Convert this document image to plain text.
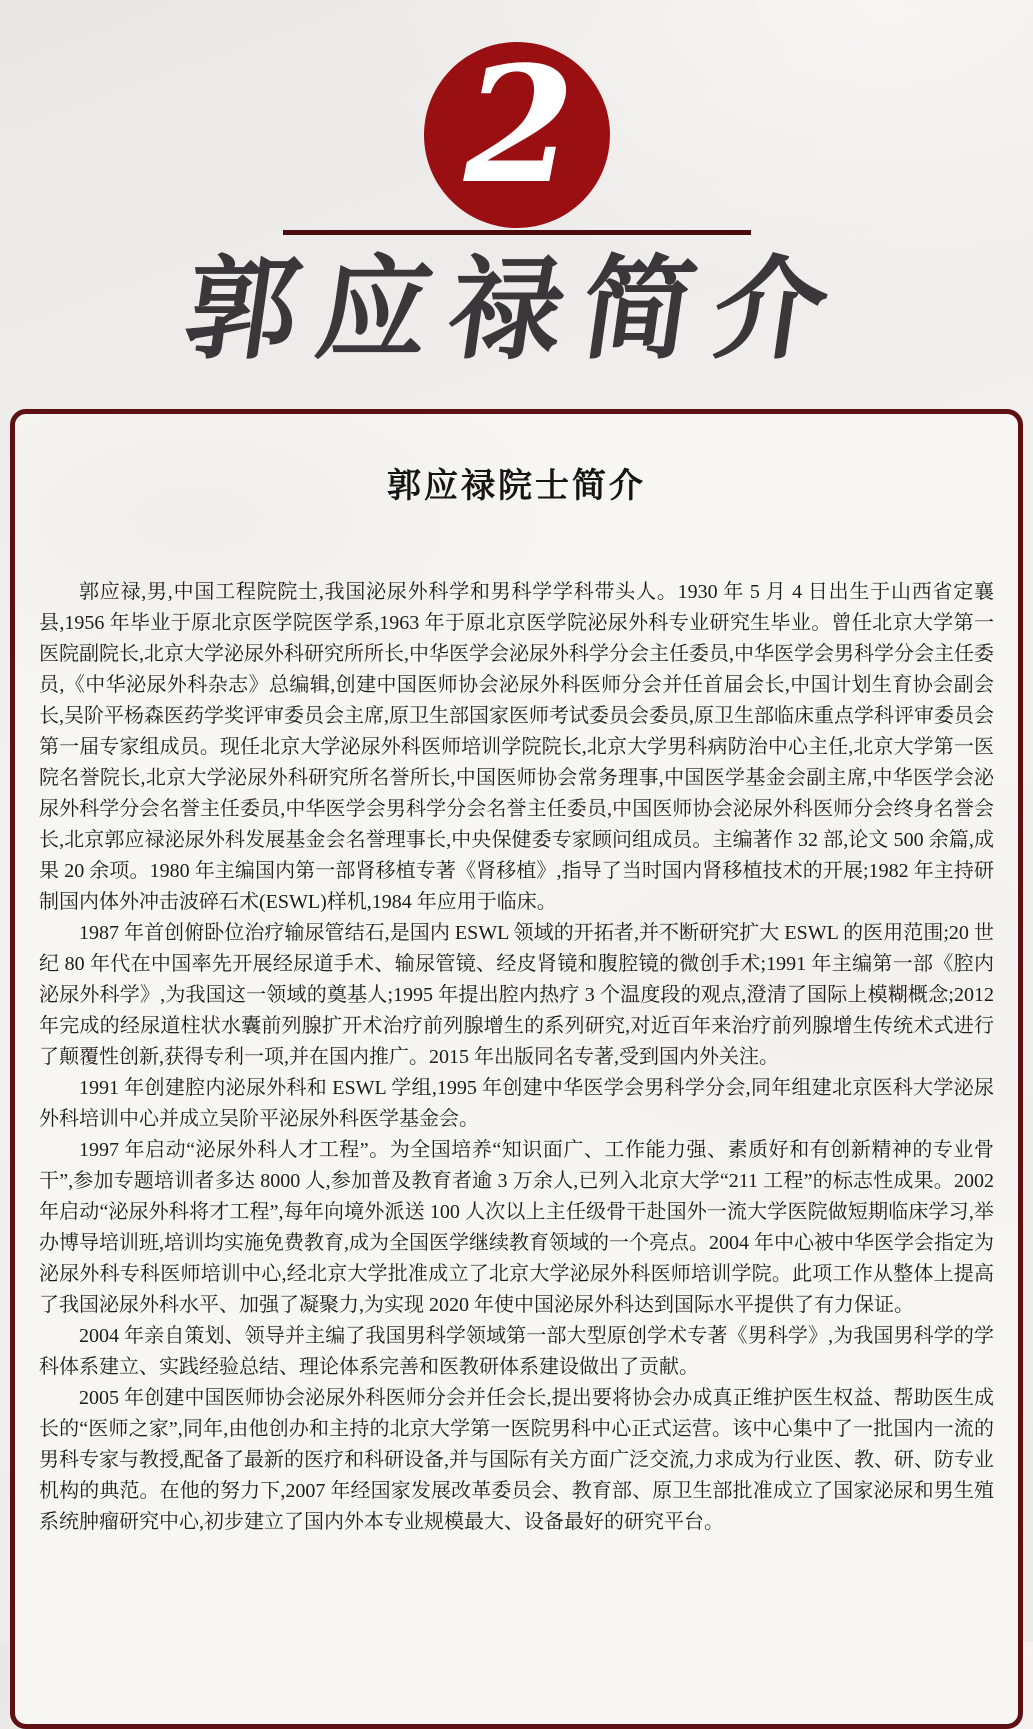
2
郭应禄简介
郭应禄院士简介

郭应禄,男,中国工程院院士,我国泌尿外科学和男科学学科带头人。1930 年 5 月 4 日出生于山西省定襄县,1956 年毕业于原北京医学院医学系,1963 年于原北京医学院泌尿外科专业研究生毕业。曾任北京大学第一医院副院长,北京大学泌尿外科研究所所长,中华医学会泌尿外科学分会主任委员,中华医学会男科学分会主任委员,《中华泌尿外科杂志》总编辑,创建中国医师协会泌尿外科医师分会并任首届会长,中国计划生育协会副会长,吴阶平杨森医药学奖评审委员会主席,原卫生部国家医师考试委员会委员,原卫生部临床重点学科评审委员会第一届专家组成员。现任北京大学泌尿外科医师培训学院院长,北京大学男科病防治中心主任,北京大学第一医院名誉院长,北京大学泌尿外科研究所名誉所长,中国医师协会常务理事,中国医学基金会副主席,中华医学会泌尿外科学分会名誉主任委员,中华医学会男科学分会名誉主任委员,中国医师协会泌尿外科医师分会终身名誉会长,北京郭应禄泌尿外科发展基金会名誉理事长,中央保健委专家顾问组成员。主编著作 32 部,论文 500 余篇,成果 20 余项。1980 年主编国内第一部肾移植专著《肾移植》,指导了当时国内肾移植技术的开展;1982 年主持研制国内体外冲击波碎石术(ESWL)样机,1984 年应用于临床。

1987 年首创俯卧位治疗输尿管结石,是国内 ESWL 领域的开拓者,并不断研究扩大 ESWL 的医用范围;20 世纪 80 年代在中国率先开展经尿道手术、输尿管镜、经皮肾镜和腹腔镜的微创手术;1991 年主编第一部《腔内泌尿外科学》,为我国这一领域的奠基人;1995 年提出腔内热疗 3 个温度段的观点,澄清了国际上模糊概念;2012 年完成的经尿道柱状水囊前列腺扩开术治疗前列腺增生的系列研究,对近百年来治疗前列腺增生传统术式进行了颠覆性创新,获得专利一项,并在国内推广。2015 年出版同名专著,受到国内外关注。

1991 年创建腔内泌尿外科和 ESWL 学组,1995 年创建中华医学会男科学分会,同年组建北京医科大学泌尿外科培训中心并成立吴阶平泌尿外科医学基金会。

1997 年启动“泌尿外科人才工程”。为全国培养“知识面广、工作能力强、素质好和有创新精神的专业骨干”,参加专题培训者多达 8000 人,参加普及教育者逾 3 万余人,已列入北京大学“211 工程”的标志性成果。2002 年启动“泌尿外科将才工程”,每年向境外派送 100 人次以上主任级骨干赴国外一流大学医院做短期临床学习,举办博导培训班,培训均实施免费教育,成为全国医学继续教育领域的一个亮点。2004 年中心被中华医学会指定为泌尿外科专科医师培训中心,经北京大学批准成立了北京大学泌尿外科医师培训学院。此项工作从整体上提高了我国泌尿外科水平、加强了凝聚力,为实现 2020 年使中国泌尿外科达到国际水平提供了有力保证。

2004 年亲自策划、领导并主编了我国男科学领域第一部大型原创学术专著《男科学》,为我国男科学的学科体系建立、实践经验总结、理论体系完善和医教研体系建设做出了贡献。

2005 年创建中国医师协会泌尿外科医师分会并任会长,提出要将协会办成真正维护医生权益、帮助医生成长的“医师之家”,同年,由他创办和主持的北京大学第一医院男科中心正式运营。该中心集中了一批国内一流的男科专家与教授,配备了最新的医疗和科研设备,并与国际有关方面广泛交流,力求成为行业医、教、研、防专业机构的典范。在他的努力下,2007 年经国家发展改革委员会、教育部、原卫生部批准成立了国家泌尿和男生殖系统肿瘤研究中心,初步建立了国内外本专业规模最大、设备最好的研究平台。
